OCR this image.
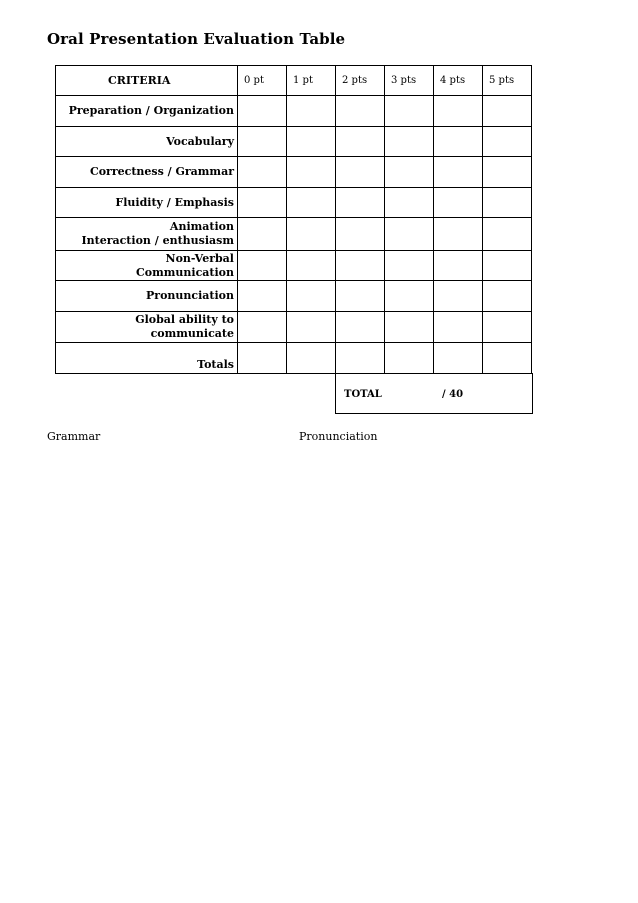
Oral Presentation Evaluation Table
CRITERIA	0 pt	1 pt	2 pts	3 pts	4 pts	5 pts

Preparation / Organization						

Vocabulary						

Correctness / Grammar						

Fluidity / Emphasis						

Animation
Interaction / enthusiasm						

Non-Verbal
Communication						

Pronunciation						

Global ability to
communicate						

Totals						

TOTAL	/ 40
Grammar	Pronunciation
